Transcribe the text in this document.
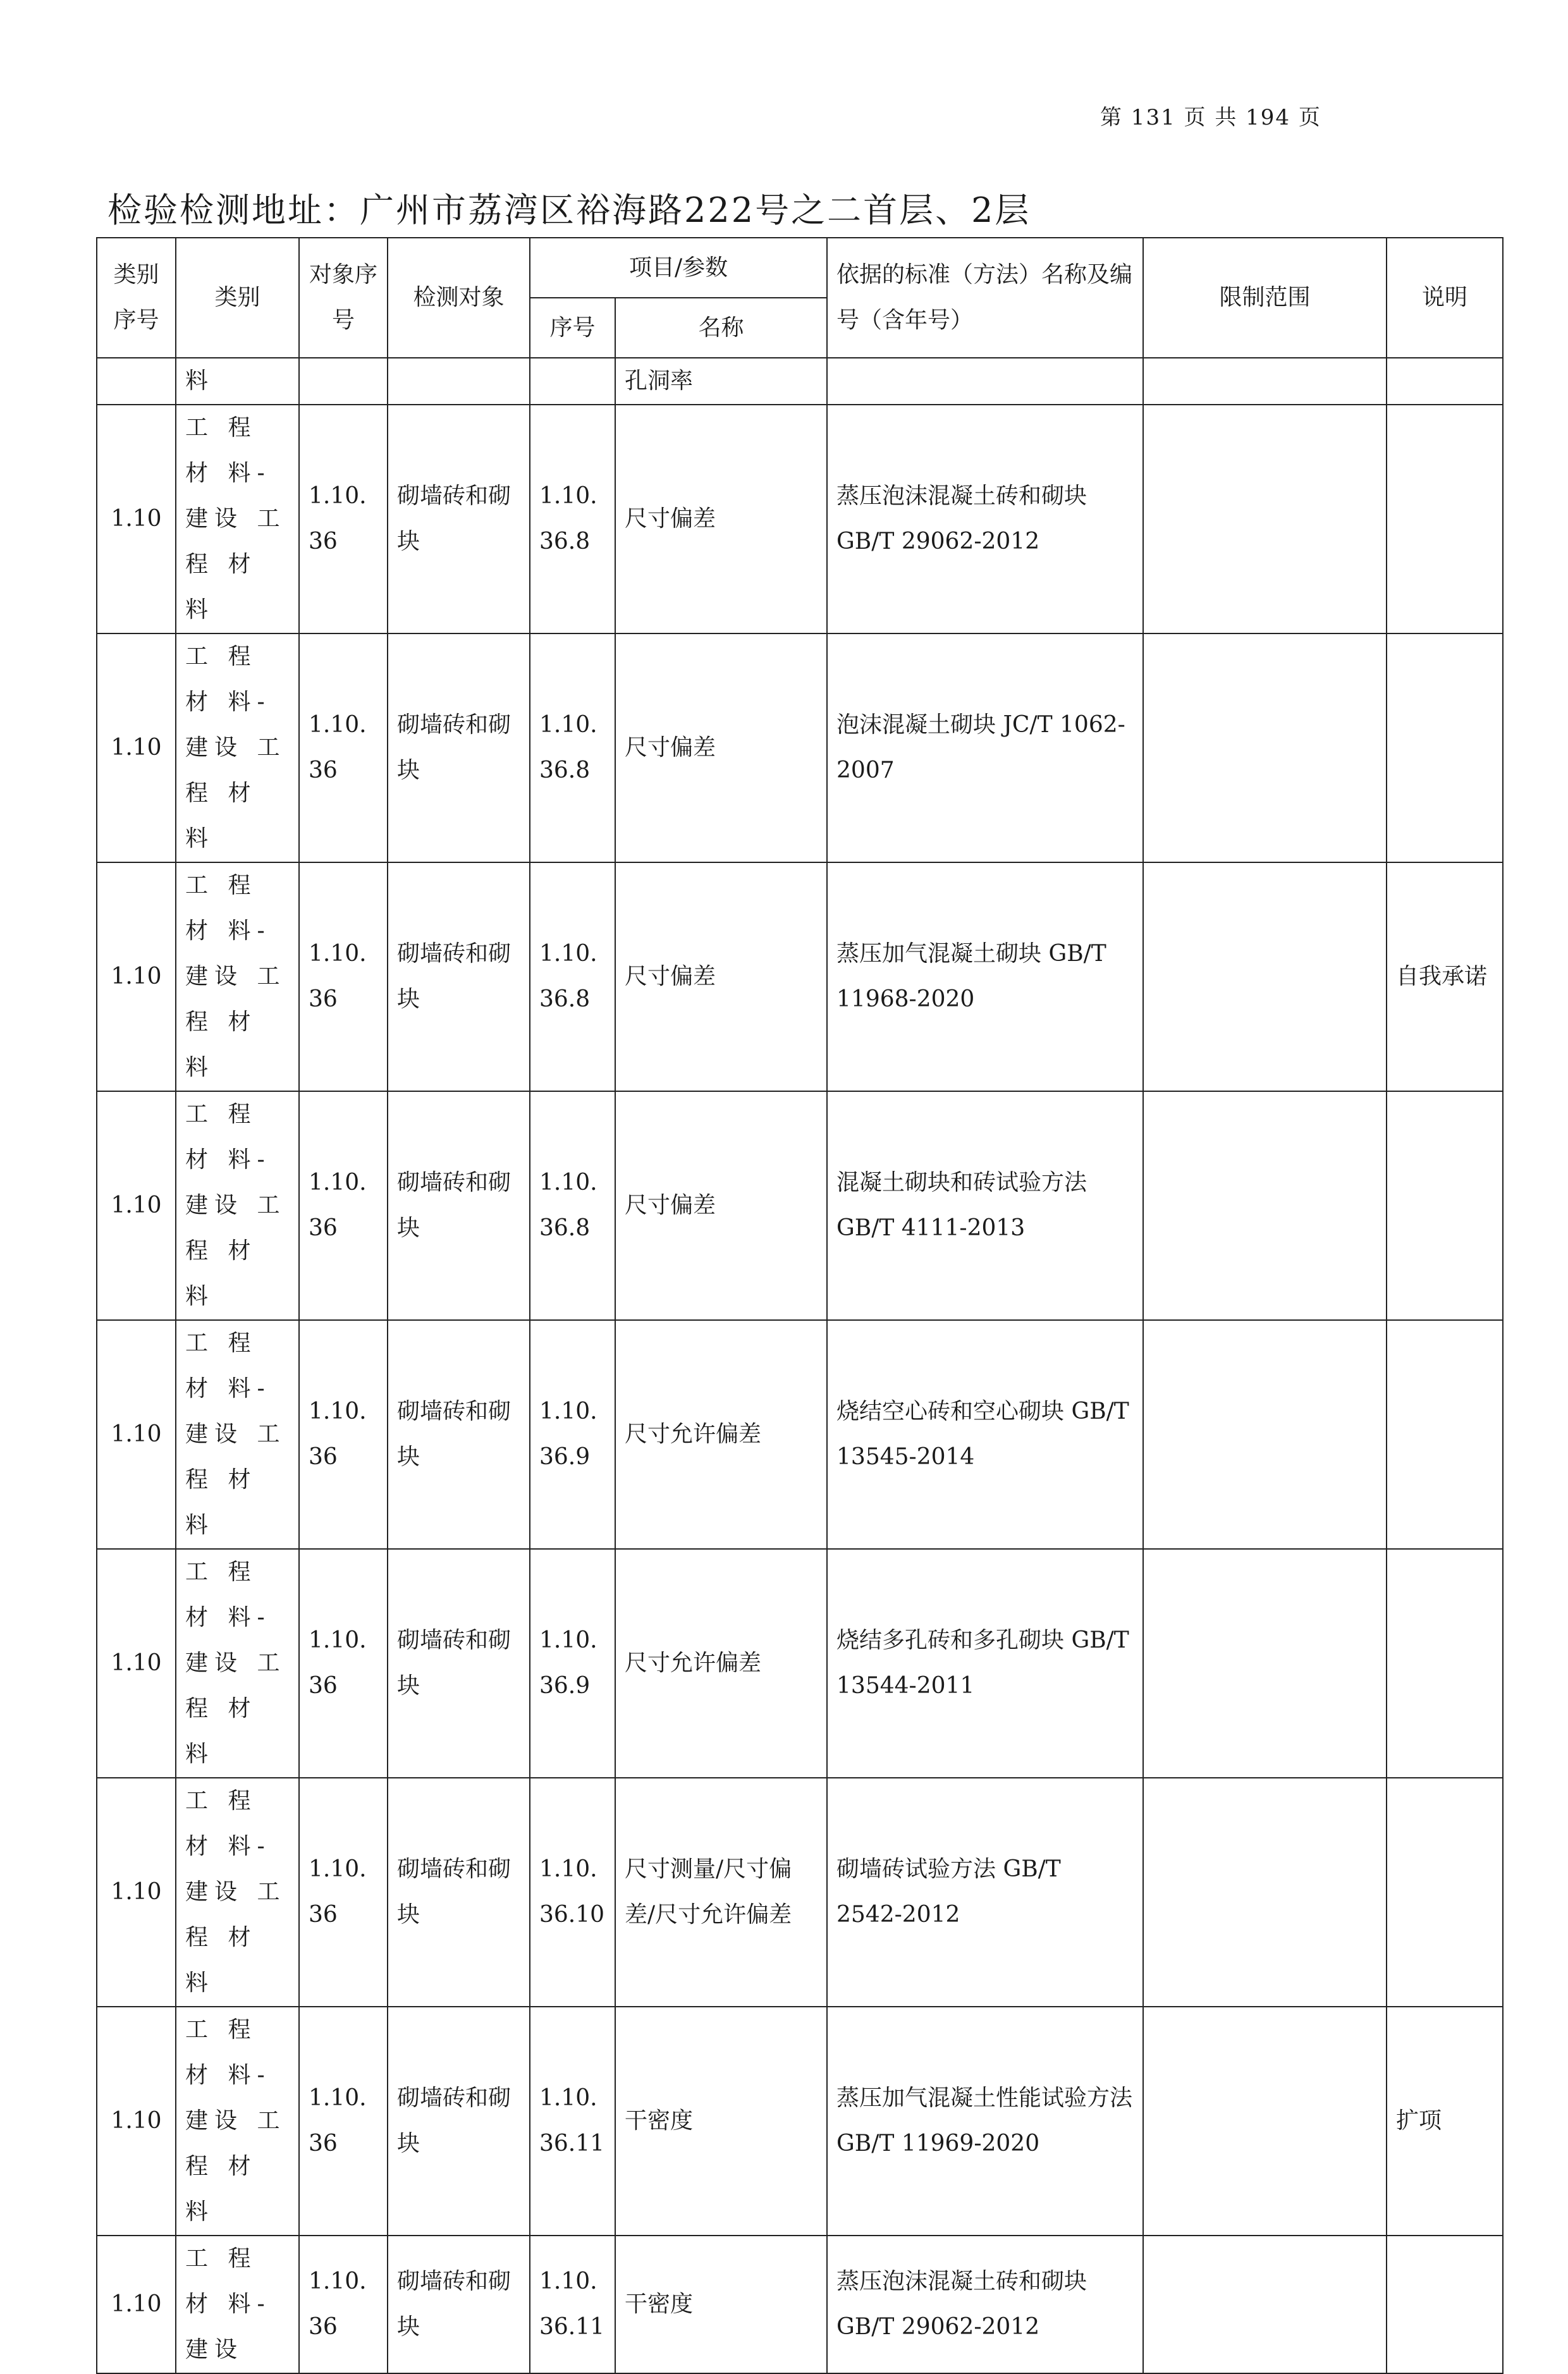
第 131 页 共 194 页
检验检测地址：广州市荔湾区裕海路222号之二首层、2层
类别序号	类别	对象序号	检测对象	项目/参数		依据的标准（方法）名称及编号（含年号）	限制范围	说明
				序号	名称			
	料				孔洞率			
1.10	工 程 材 料-建设 工 程 材 料	1.10. 36	砌墙砖和砌块	1.10. 36.8	尺寸偏差	蒸压泡沫混凝土砖和砌块 GB/T 29062-2012		
1.10	工 程 材 料-建设 工 程 材 料	1.10. 36	砌墙砖和砌块	1.10. 36.8	尺寸偏差	泡沫混凝土砌块 JC/T 1062-2007		
1.10	工 程 材 料-建设 工 程 材 料	1.10. 36	砌墙砖和砌块	1.10. 36.8	尺寸偏差	蒸压加气混凝土砌块 GB/T 11968-2020		自我承诺
1.10	工 程 材 料-建设 工 程 材 料	1.10. 36	砌墙砖和砌块	1.10. 36.8	尺寸偏差	混凝土砌块和砖试验方法 GB/T 4111-2013		
1.10	工 程 材 料-建设 工 程 材 料	1.10. 36	砌墙砖和砌块	1.10. 36.9	尺寸允许偏差	烧结空心砖和空心砌块 GB/T 13545-2014		
1.10	工 程 材 料-建设 工 程 材 料	1.10. 36	砌墙砖和砌块	1.10. 36.9	尺寸允许偏差	烧结多孔砖和多孔砌块 GB/T 13544-2011		
1.10	工 程 材 料-建设 工 程 材 料	1.10. 36	砌墙砖和砌块	1.10. 36.10	尺寸测量/尺寸偏差/尺寸允许偏差	砌墙砖试验方法 GB/T 2542-2012		
1.10	工 程 材 料-建设 工 程 材 料	1.10. 36	砌墙砖和砌块	1.10. 36.11	干密度	蒸压加气混凝土性能试验方法 GB/T 11969-2020		扩项
1.10	工 程 材 料-建设	1.10. 36	砌墙砖和砌块	1.10. 36.11	干密度	蒸压泡沫混凝土砖和砌块 GB/T 29062-2012		
